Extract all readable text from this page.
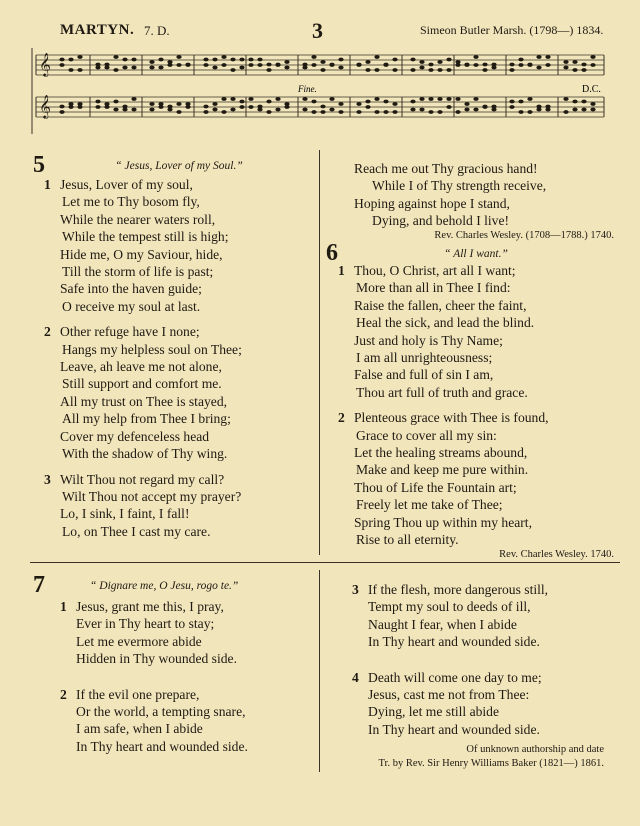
MARTYN. 7. D.	3	Simeon Butler Marsh. (1798—) 1834.
𝄞
𝄞
Fine.	D.C.
5	“ Jesus, Lover of my Soul.”
1 Jesus, Lover of my soul,
Let me to Thy bosom fly,
While the nearer waters roll,
While the tempest still is high;
Hide me, O my Saviour, hide,
Till the storm of life is past;
Safe into the haven guide;
O receive my soul at last.
2 Other refuge have I none;
Hangs my helpless soul on Thee;
Leave, ah leave me not alone,
Still support and comfort me.
All my trust on Thee is stayed,
All my help from Thee I bring;
Cover my defenceless head
With the shadow of Thy wing.
3 Wilt Thou not regard my call?
Wilt Thou not accept my prayer?
Lo, I sink, I faint, I fall!
Lo, on Thee I cast my care.
Reach me out Thy gracious hand!
While I of Thy strength receive,
Hoping against hope I stand,
Dying, and behold I live!
Rev. Charles Wesley. (1708—1788.) 1740.
6	“ All I want.”
1 Thou, O Christ, art all I want;
More than all in Thee I find:
Raise the fallen, cheer the faint,
Heal the sick, and lead the blind.
Just and holy is Thy Name;
I am all unrighteousness;
False and full of sin I am,
Thou art full of truth and grace.
2 Plenteous grace with Thee is found,
Grace to cover all my sin:
Let the healing streams abound,
Make and keep me pure within.
Thou of Life the Fountain art;
Freely let me take of Thee;
Spring Thou up within my heart,
Rise to all eternity.
Rev. Charles Wesley. 1740.
7	“ Dignare me, O Jesu, rogo te.”
1 Jesus, grant me this, I pray,
Ever in Thy heart to stay;
Let me evermore abide
Hidden in Thy wounded side.
2 If the evil one prepare,
Or the world, a tempting snare,
I am safe, when I abide
In Thy heart and wounded side.
3 If the flesh, more dangerous still,
Tempt my soul to deeds of ill,
Naught I fear, when I abide
In Thy heart and wounded side.
4 Death will come one day to me;
Jesus, cast me not from Thee:
Dying, let me still abide
In Thy heart and wounded side.
Of unknown authorship and date
Tr. by Rev. Sir Henry Williams Baker (1821—) 1861.
